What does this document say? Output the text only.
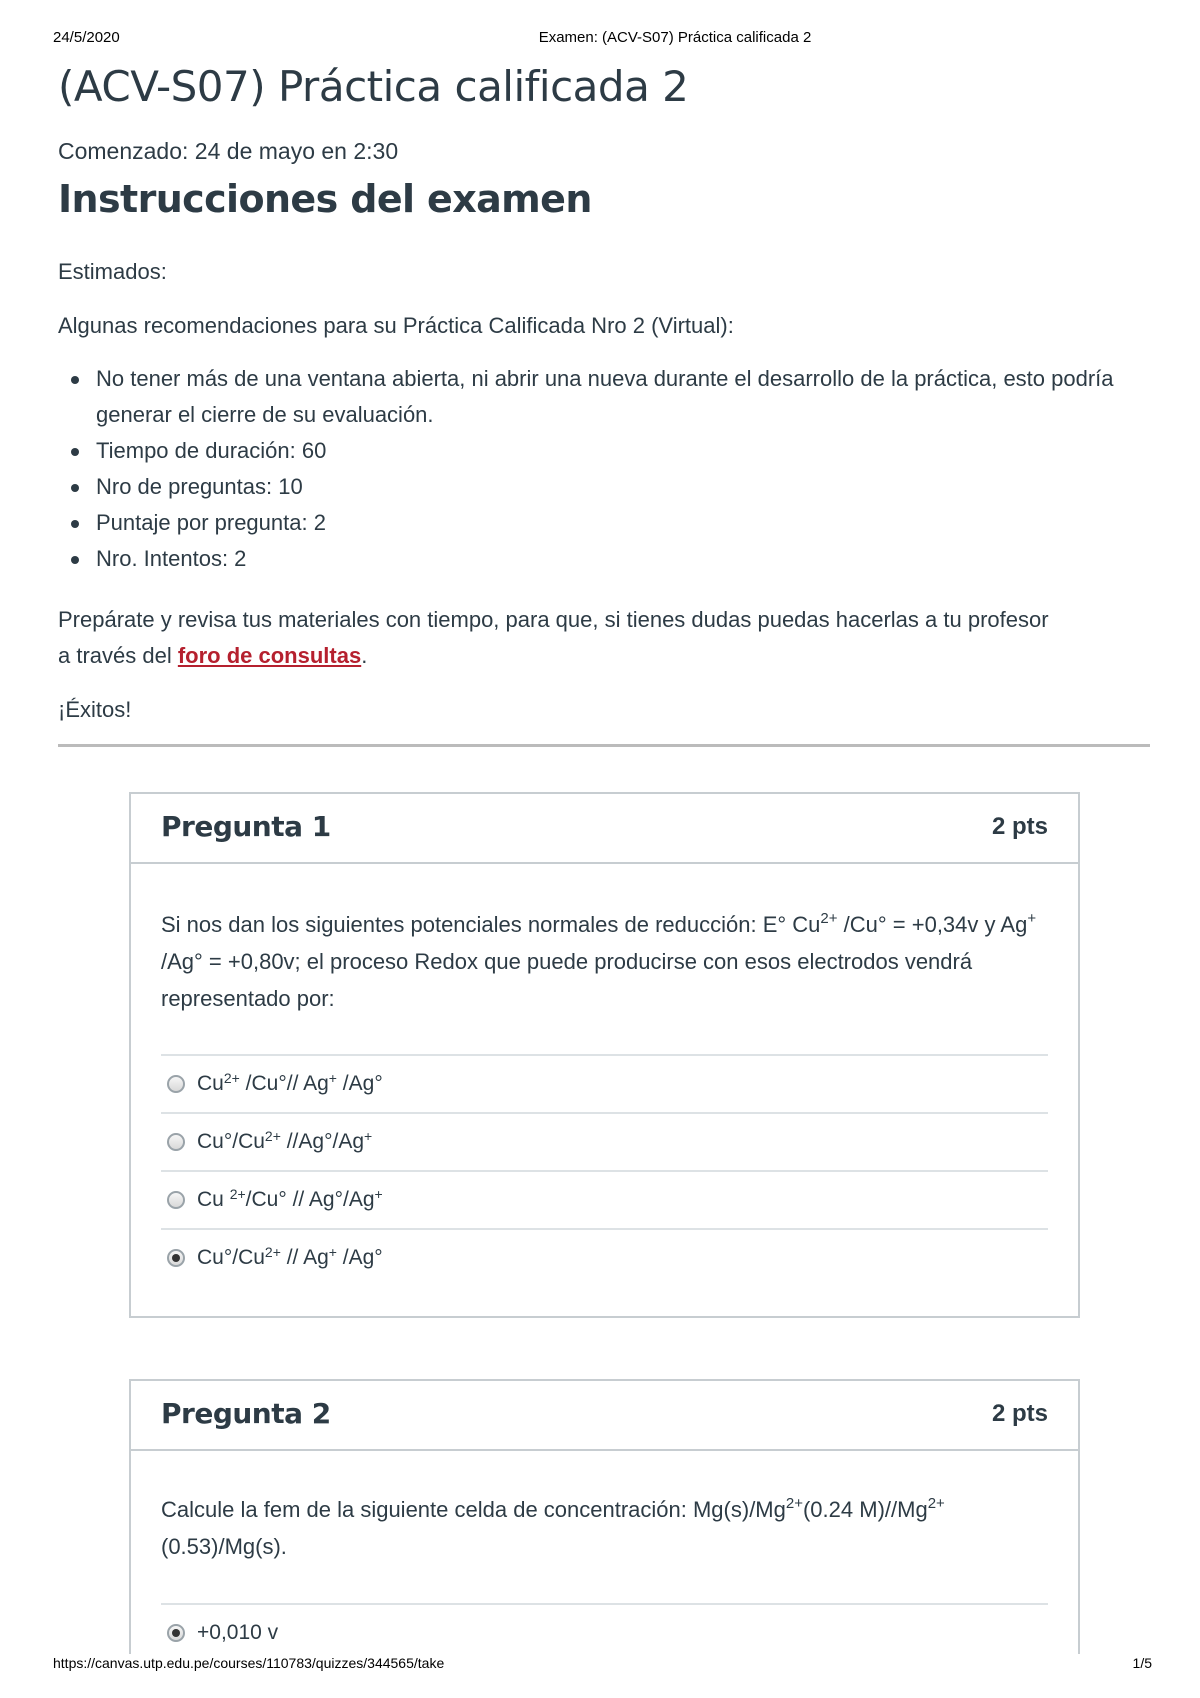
24/5/2020	Examen: (ACV-S07) Práctica calificada 2
(ACV-S07) Práctica calificada 2
Comenzado: 24 de mayo en 2:30
Instrucciones del examen

Estimados:

Algunas recomendaciones para su Práctica Calificada Nro 2 (Virtual):

No tener más de una ventana abierta, ni abrir una nueva durante el desarrollo de la práctica, esto podría generar el cierre de su evaluación.
Tiempo de duración: 60
Nro de preguntas: 10
Puntaje por pregunta: 2
Nro. Intentos: 2

Prepárate y revisa tus materiales con tiempo, para que, si tienes dudas puedas hacerlas a tu profesor a través del foro de consultas.

¡Éxitos!

Pregunta 1	2 pts

Si nos dan los siguientes potenciales normales de reducción: E° $Cu^{2+}$ /Cu° = +0,34v y Ag+ /Ag° = +0,80v; el proceso Redox que puede producirse con esos electrodos vendrá representado por:

$Cu^{2+}$ /Cu°// Ag+ /Ag°
$Cu^\circ/Cu^{2+}$ //Ag°/Ag+
Cu $^{2+}$/Cu° // Ag°/Ag+
$Cu^\circ/Cu^{2+} // Ag^+$ /Ag°
Pregunta 2	2 pts

Calcule la fem de la siguiente celda de concentración: $Mg(s)/Mg^{2+}(0.24$ $M)//Mg^{2+}(0.53)/Mg(s)$.

+0,010 v
https://canvas.utp.edu.pe/courses/110783/quizzes/344565/take	1/5
